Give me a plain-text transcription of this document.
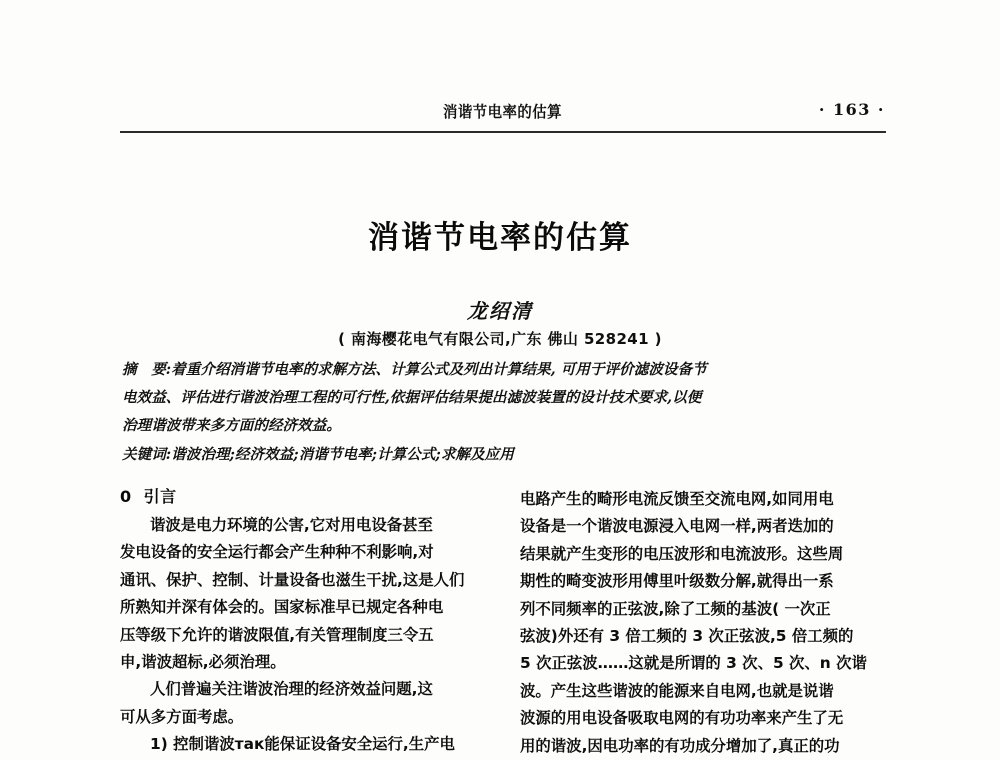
消谐节电率的估算	· 163 ·
消谐节电率的估算
龙绍清
( 南海樱花电气有限公司,广东 佛山 528241 )
摘　要:着重介绍消谐节电率的求解方法、计算公式及列出计算结果, 可用于评价滤波设备节
电效益、评估进行谐波治理工程的可行性,依据评估结果提出滤波装置的设计技术要求,以便
治理谐波带来多方面的经济效益。
关键词:谐波治理;经济效益;消谐节电率;计算公式;求解及应用
0 引言

谐波是电力环境的公害,它对用电设备甚至
发电设备的安全运行都会产生种种不利影响,对
通讯、保护、控制、计量设备也滋生干扰,这是人们
所熟知并深有体会的。国家标准早已规定各种电
压等级下允许的谐波限值,有关管理制度三令五
申,谐波超标,必须治理。

人们普遍关注谐波治理的经济效益问题,这
可从多方面考虑。

1) 控制谐波так能保证设备安全运行,生产电

电路产生的畸形电流反馈至交流电网,如同用电
设备是一个谐波电源浸入电网一样,两者迭加的
结果就产生变形的电压波形和电流波形。这些周
期性的畸变波形用傅里叶级数分解,就得出一系
列不同频率的正弦波,除了工频的基波( 一次正
弦波)外还有 3 倍工频的 3 次正弦波,5 倍工频的
5 次正弦波……这就是所谓的 3 次、5 次、n 次谐
波。产生这些谐波的能源来自电网,也就是说谐
波源的用电设备吸取电网的有功功率来产生了无
用的谐波,因电功率的有功成分增加了,真正的功
